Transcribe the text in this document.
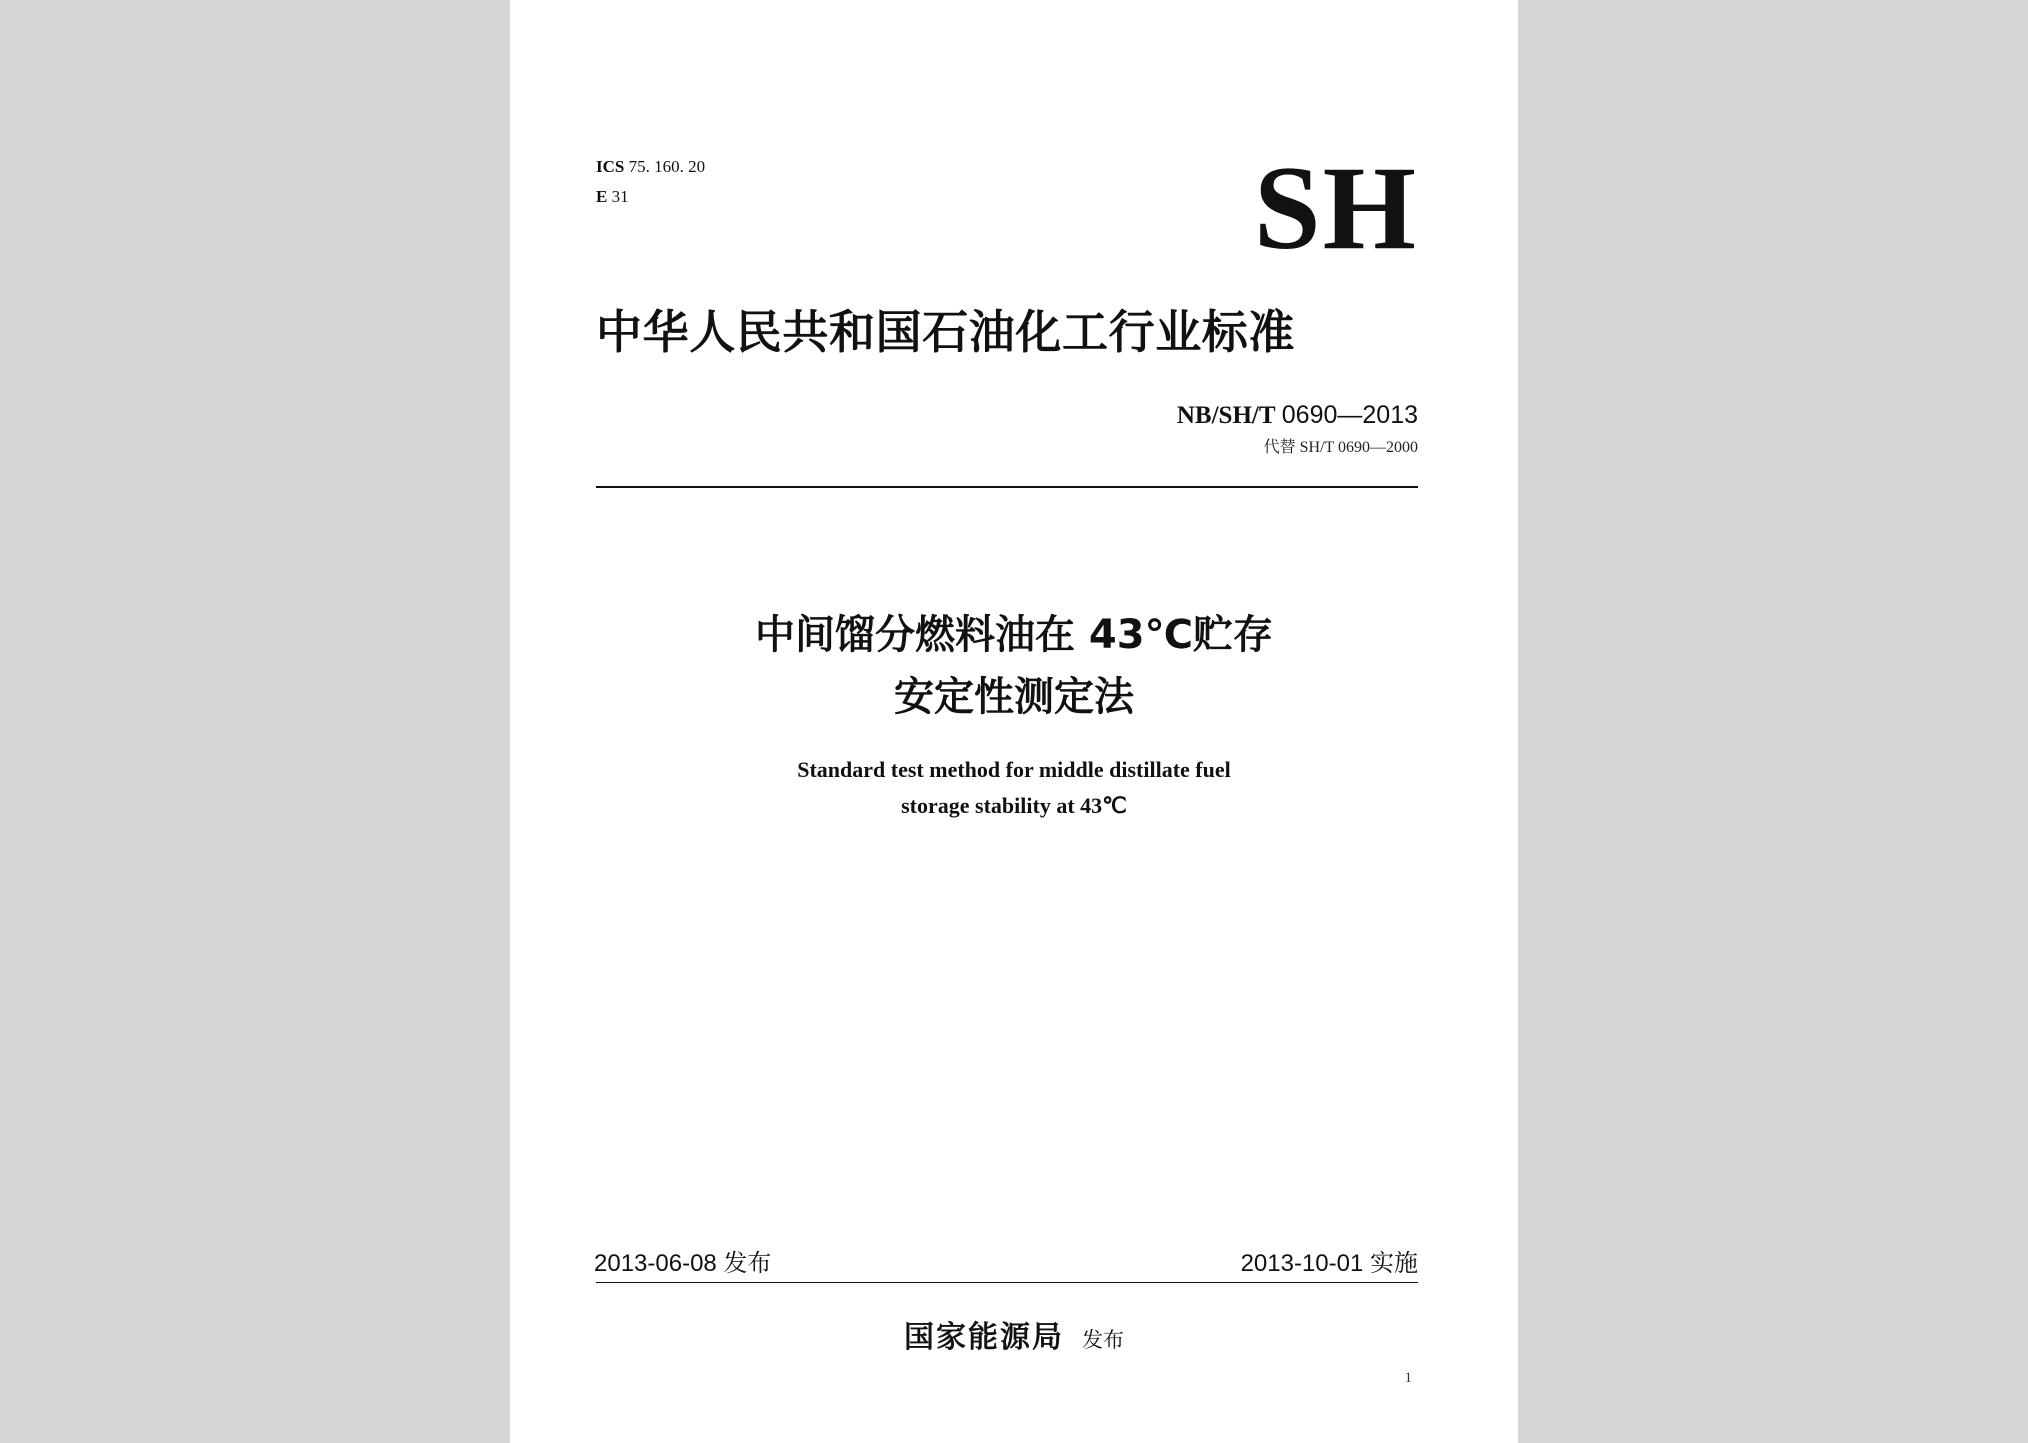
ICS 75. 160. 20
E 31	SH
中华人民共和国石油化工行业标准
NB/SH/T 0690—2013
代替 SH/T 0690—2000
中间馏分燃料油在 43℃贮存
安定性测定法
Standard test method for middle distillate fuel
storage stability at 43℃
2013-06-08 发布	2013-10-01 实施
国家能源局 发布
1
